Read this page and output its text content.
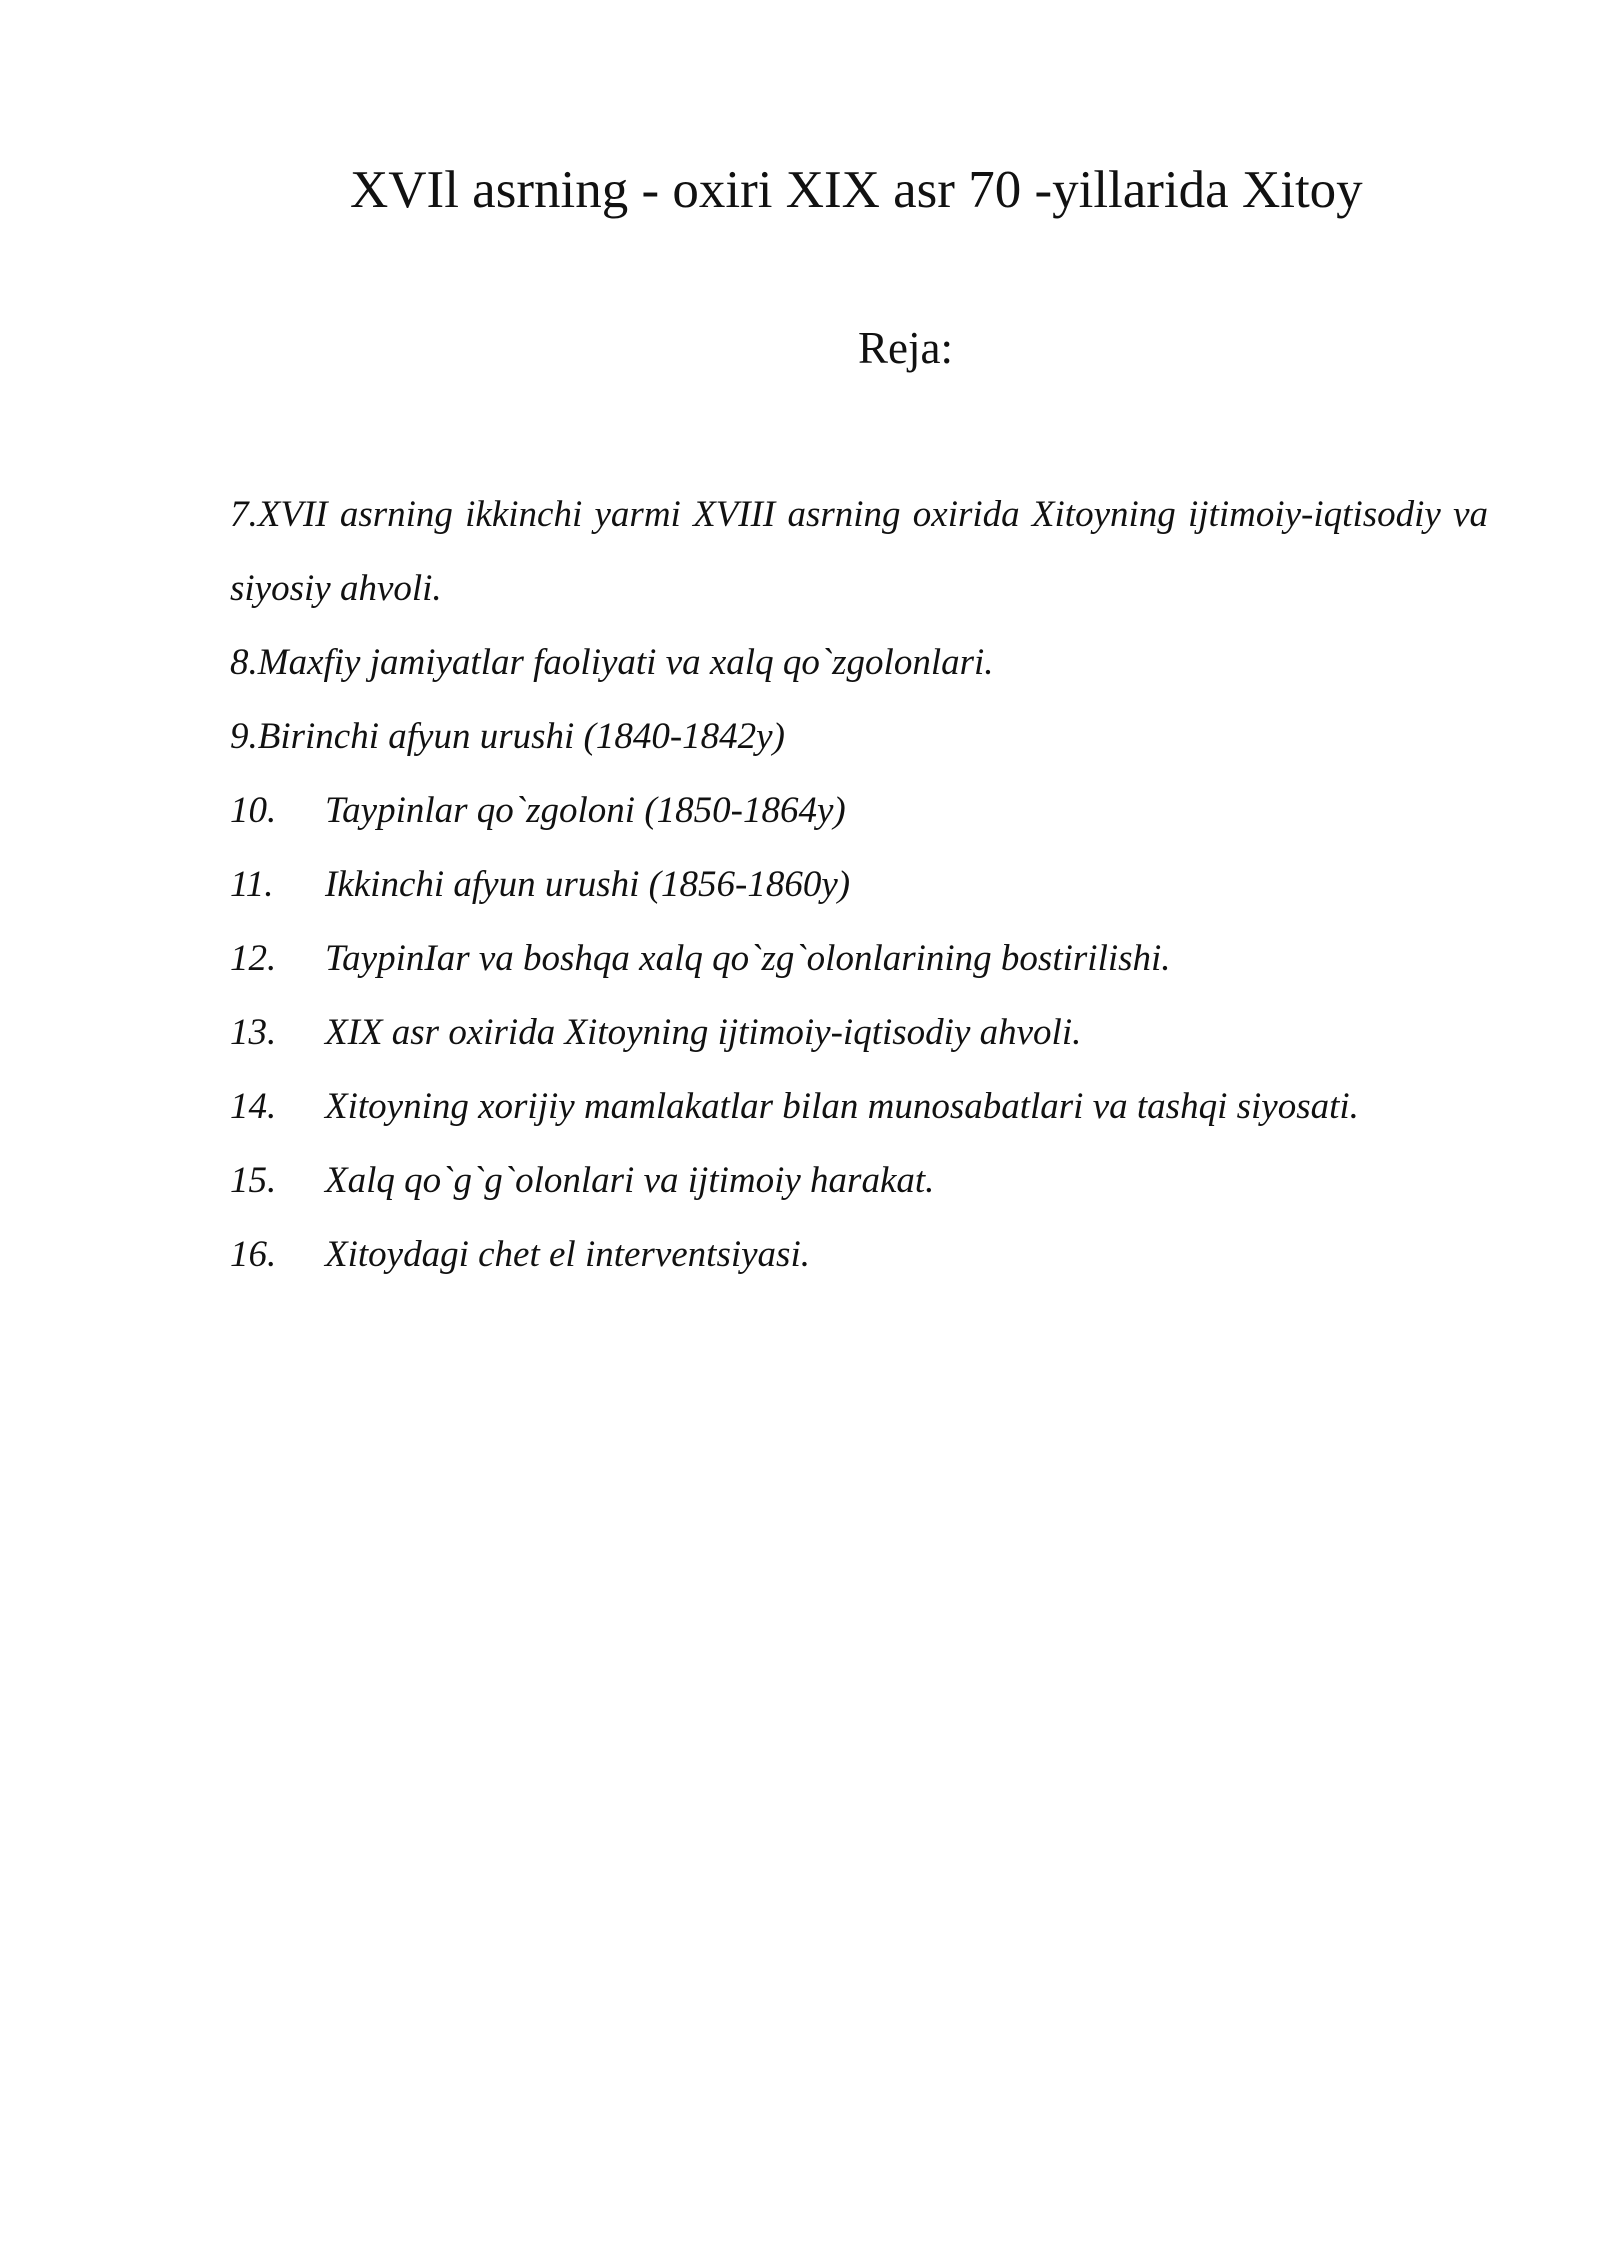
XVIl asrning - oxiri XIX asr 70 -yillarida Xitoy
Reja:

7.XVII asrning ikkinchi yarmi XVIII asrning oxirida Xitoyning ijtimoiy-iqtisodiy va siyosiy ahvoli.

8.Maxfiy jamiyatlar faoliyati va xalq qo`zgolonlari.

9.Birinchi afyun urushi (1840-1842y)

10. Taypinlar qo`zgoloni (1850-1864y)

11. Ikkinchi afyun urushi (1856-1860y)

12. TaypinIar va boshqa xalq qo`zg`olonlarining bostirilishi.

13. XIX asr oxirida Xitoyning ijtimoiy-iqtisodiy ahvoli.

14. Xitoyning xorijiy mamlakatlar bilan munosabatlari va tashqi siyosati.

15. Xalq qo`g`g`olonlari va ijtimoiy harakat.

16. Xitoydagi chet el interventsiyasi.
